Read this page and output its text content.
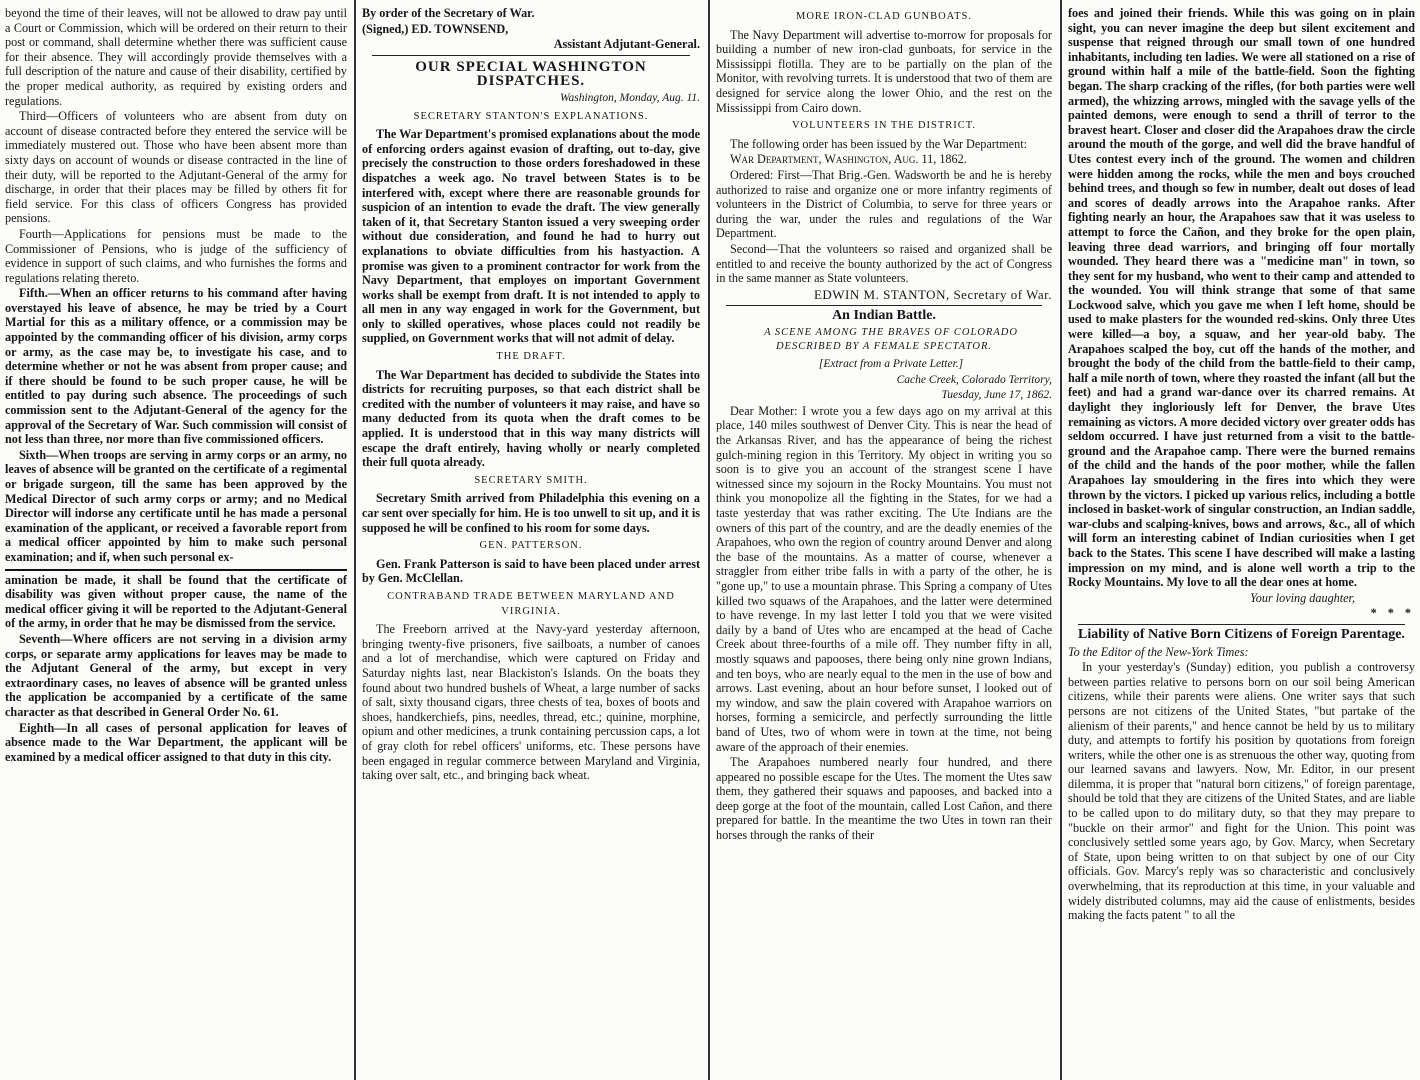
beyond the time of their leaves, will not be allowed to draw pay until a Court or Commission, which will be ordered on their return to their post or command, shall determine whether there was sufficient cause for their absence. They will accordingly provide themselves with a full description of the nature and cause of their disability, certified by the proper medical authority, as required by existing orders and regulations.

Third—Officers of volunteers who are absent from duty on account of disease contracted before they entered the service will be immediately mustered out. Those who have been absent more than sixty days on account of wounds or disease contracted in the line of their duty, will be reported to the Adjutant-General of the army for discharge, in order that their places may be filled by others fit for field service. For this class of officers Congress has provided pensions.

Fourth—Applications for pensions must be made to the Commissioner of Pensions, who is judge of the sufficiency of evidence in support of such claims, and who furnishes the forms and regulations relating thereto.

Fifth.—When an officer returns to his command after having overstayed his leave of absence, he may be tried by a Court Martial for this as a military offence, or a commission may be appointed by the commanding officer of his division, army corps or army, as the case may be, to investigate his case, and to determine whether or not he was absent from proper cause; and if there should be found to be such proper cause, he will be entitled to pay during such absence. The proceedings of such commission sent to the Adjutant-General of the agency for the approval of the Secretary of War. Such commission will consist of not less than three, nor more than five commissioned officers.

Sixth—When troops are serving in army corps or an army, no leaves of absence will be granted on the certificate of a regimental or brigade surgeon, till the same has been approved by the Medical Director of such army corps or army; and no Medical Director will indorse any certificate until he has made a personal examination of the applicant, or received a favorable report from a medical officer appointed by him to make such personal examination; and if, when such personal ex-

amination be made, it shall be found that the certificate of disability was given without proper cause, the name of the medical officer giving it will be reported to the Adjutant-General of the army, in order that he may be dismissed from the service.

Seventh—Where officers are not serving in a division army corps, or separate army applications for leaves may be made to the Adjutant General of the army, but except in very extraordinary cases, no leaves of absence will be granted unless the application be accompanied by a certificate of the same character as that described in General Order No. 61.

Eighth—In all cases of personal application for leaves of absence made to the War Department, the applicant will be examined by a medical officer assigned to that duty in this city.

By order of the Secretary of War.

(Signed,) ED. TOWNSEND,

Assistant Adjutant-General.

OUR SPECIAL WASHINGTON DISPATCHES.

Washington, Monday, Aug. 11.

SECRETARY STANTON'S EXPLANATIONS.

The War Department's promised explanations about the mode of enforcing orders against evasion of drafting, out to-day, give precisely the construction to those orders foreshadowed in these dispatches a week ago. No travel between States is to be interfered with, except where there are reasonable grounds for suspicion of an intention to evade the draft. The view generally taken of it, that Secretary Stanton issued a very sweeping order without due consideration, and found he had to hurry out explanations to obviate difficulties from his hastyaction. A promise was given to a prominent contractor for work from the Navy Department, that employes on important Government works shall be exempt from draft. It is not intended to apply to all men in any way engaged in work for the Government, but only to skilled operatives, whose places could not readily be supplied, on Government works that will not admit of delay.

THE DRAFT.

The War Department has decided to subdivide the States into districts for recruiting purposes, so that each district shall be credited with the number of volunteers it may raise, and have so many deducted from its quota when the draft comes to be applied. It is understood that in this way many districts will escape the draft entirely, having wholly or nearly completed their full quota already.

SECRETARY SMITH.

Secretary Smith arrived from Philadelphia this evening on a car sent over specially for him. He is too unwell to sit up, and it is supposed he will be confined to his room for some days.

GEN. PATTERSON.

Gen. Frank Patterson is said to have been placed under arrest by Gen. McClellan.

CONTRABAND TRADE BETWEEN MARYLAND AND VIRGINIA.

The Freeborn arrived at the Navy-yard yesterday afternoon, bringing twenty-five prisoners, five sailboats, a number of canoes and a lot of merchandise, which were captured on Friday and Saturday nights last, near Blackiston's Islands. On the boats they found about two hundred bushels of Wheat, a large number of sacks of salt, sixty thousand cigars, three chests of tea, boxes of boots and shoes, handkerchiefs, pins, needles, thread, etc.; quinine, morphine, opium and other medicines, a trunk containing percussion caps, a lot of gray cloth for rebel officers' uniforms, etc. These persons have been engaged in regular commerce between Maryland and Virginia, taking over salt, etc., and bringing back wheat.

MORE IRON-CLAD GUNBOATS.

The Navy Department will advertise to-morrow for proposals for building a number of new iron-clad gunboats, for service in the Mississippi flotilla. They are to be partially on the plan of the Monitor, with revolving turrets. It is understood that two of them are designed for service along the lower Ohio, and the rest on the Mississippi from Cairo down.

VOLUNTEERS IN THE DISTRICT.

The following order has been issued by the War Department:

War Department, Washington, Aug. 11, 1862.

Ordered: First—That Brig.-Gen. Wadsworth be and he is hereby authorized to raise and organize one or more infantry regiments of volunteers in the District of Columbia, to serve for three years or during the war, under the rules and regulations of the War Department.

Second—That the volunteers so raised and organized shall be entitled to and receive the bounty authorized by the act of Congress in the same manner as State volunteers.

EDWIN M. STANTON, Secretary of War.

An Indian Battle.

A SCENE AMONG THE BRAVES OF COLORADO DESCRIBED BY A FEMALE SPECTATOR.

[Extract from a Private Letter.]

Cache Creek, Colorado Territory,

Tuesday, June 17, 1862.

Dear Mother: I wrote you a few days ago on my arrival at this place, 140 miles southwest of Denver City. This is near the head of the Arkansas River, and has the appearance of being the richest gulch-mining region in this Territory. My object in writing you so soon is to give you an account of the strangest scene I have witnessed since my sojourn in the Rocky Mountains. You must not think you monopolize all the fighting in the States, for we had a taste yesterday that was rather exciting. The Ute Indians are the owners of this part of the country, and are the deadly enemies of the Arapahoes, who own the region of country around Denver and along the base of the mountains. As a matter of course, whenever a straggler from either tribe falls in with a party of the other, he is "gone up," to use a mountain phrase. This Spring a company of Utes killed two squaws of the Arapahoes, and the latter were determined to have revenge. In my last letter I told you that we were visited daily by a band of Utes who are encamped at the head of Cache Creek about three-fourths of a mile off. They number fifty in all, mostly squaws and papooses, there being only nine grown Indians, and ten boys, who are nearly equal to the men in the use of bow and arrows. Last evening, about an hour before sunset, I looked out of my window, and saw the plain covered with Arapahoe warriors on horses, forming a semicircle, and perfectly surrounding the little band of Utes, two of whom were in town at the time, not being aware of the approach of their enemies.

The Arapahoes numbered nearly four hundred, and there appeared no possible escape for the Utes. The moment the Utes saw them, they gathered their squaws and papooses, and backed into a deep gorge at the foot of the mountain, called Lost Cañon, and there prepared for battle. In the meantime the two Utes in town ran their horses through the ranks of their

foes and joined their friends. While this was going on in plain sight, you can never imagine the deep but silent excitement and suspense that reigned through our small town of one hundred inhabitants, including ten ladies. We were all stationed on a rise of ground within half a mile of the battle-field. Soon the fighting began. The sharp cracking of the rifles, (for both parties were well armed), the whizzing arrows, mingled with the savage yells of the painted demons, were enough to send a thrill of terror to the bravest heart. Closer and closer did the Arapahoes draw the circle around the mouth of the gorge, and well did the brave handful of Utes contest every inch of the ground. The women and children were hidden among the rocks, while the men and boys crouched behind trees, and though so few in number, dealt out doses of lead and scores of deadly arrows into the Arapahoe ranks. After fighting nearly an hour, the Arapahoes saw that it was useless to attempt to force the Cañon, and they broke for the open plain, leaving three dead warriors, and bringing off four mortally wounded. They heard there was a "medicine man" in town, so they sent for my husband, who went to their camp and attended to the wounded. You will think strange that some of that same Lockwood salve, which you gave me when I left home, should be used to make plasters for the wounded red-skins. Only three Utes were killed—a boy, a squaw, and her year-old baby. The Arapahoes scalped the boy, cut off the hands of the mother, and brought the body of the child from the battle-field to their camp, half a mile north of town, where they roasted the infant (all but the feet) and had a grand war-dance over its charred remains. At daylight they ingloriously left for Denver, the brave Utes remaining as victors. A more decided victory over greater odds has seldom occurred. I have just returned from a visit to the battle-ground and the Arapahoe camp. There were the burned remains of the child and the hands of the poor mother, while the fallen Arapahoes lay smouldering in the fires into which they were thrown by the victors. I picked up various relics, including a bottle inclosed in basket-work of singular construction, an Indian saddle, war-clubs and scalping-knives, bows and arrows, &c., all of which will form an interesting cabinet of Indian curiosities when I get back to the States. This scene I have described will make a lasting impression on my mind, and is alone well worth a trip to the Rocky Mountains. My love to all the dear ones at home.

Your loving daughter,

* * *

Liability of Native Born Citizens of Foreign Parentage.

To the Editor of the New-York Times:

In your yesterday's (Sunday) edition, you publish a controversy between parties relative to persons born on our soil being American citizens, while their parents were aliens. One writer says that such persons are not citizens of the United States, "but partake of the alienism of their parents," and hence cannot be held by us to military duty, and attempts to fortify his position by quotations from foreign writers, while the other one is as strenuous the other way, quoting from our learned savans and lawyers. Now, Mr. Editor, in our present dilemma, it is proper that "natural born citizens," of foreign parentage, should be told that they are citizens of the United States, and are liable to be called upon to do military duty, so that they may prepare to "buckle on their armor" and fight for the Union. This point was conclusively settled some years ago, by Gov. Marcy, when Secretary of State, upon being written to on that subject by one of our City officials. Gov. Marcy's reply was so characteristic and conclusively overwhelming, that its reproduction at this time, in your valuable and widely distributed columns, may aid the cause of enlistments, besides making the facts patent " to all the
